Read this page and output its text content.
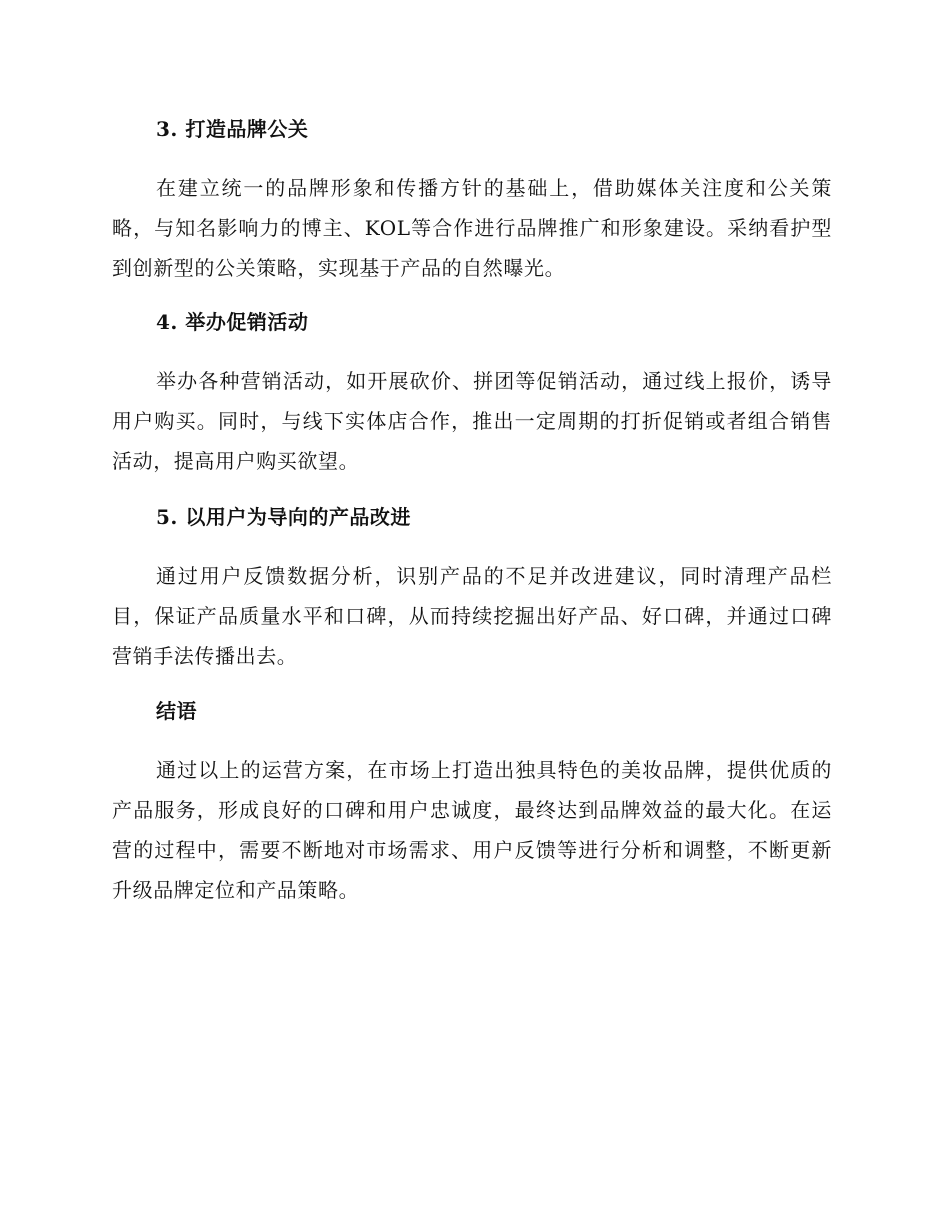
3. 打造品牌公关

在建立统一的品牌形象和传播方针的基础上，借助媒体关注度和公关策略，与知名影响力的博主、KOL等合作进行品牌推广和形象建设。采纳看护型到创新型的公关策略，实现基于产品的自然曝光。

4. 举办促销活动

举办各种营销活动，如开展砍价、拼团等促销活动，通过线上报价，诱导用户购买。同时，与线下实体店合作，推出一定周期的打折促销或者组合销售活动，提高用户购买欲望。

5. 以用户为导向的产品改进

通过用户反馈数据分析，识别产品的不足并改进建议，同时清理产品栏目，保证产品质量水平和口碑，从而持续挖掘出好产品、好口碑，并通过口碑营销手法传播出去。

结语

通过以上的运营方案，在市场上打造出独具特色的美妆品牌，提供优质的产品服务，形成良好的口碑和用户忠诚度，最终达到品牌效益的最大化。在运营的过程中，需要不断地对市场需求、用户反馈等进行分析和调整，不断更新升级品牌定位和产品策略。
